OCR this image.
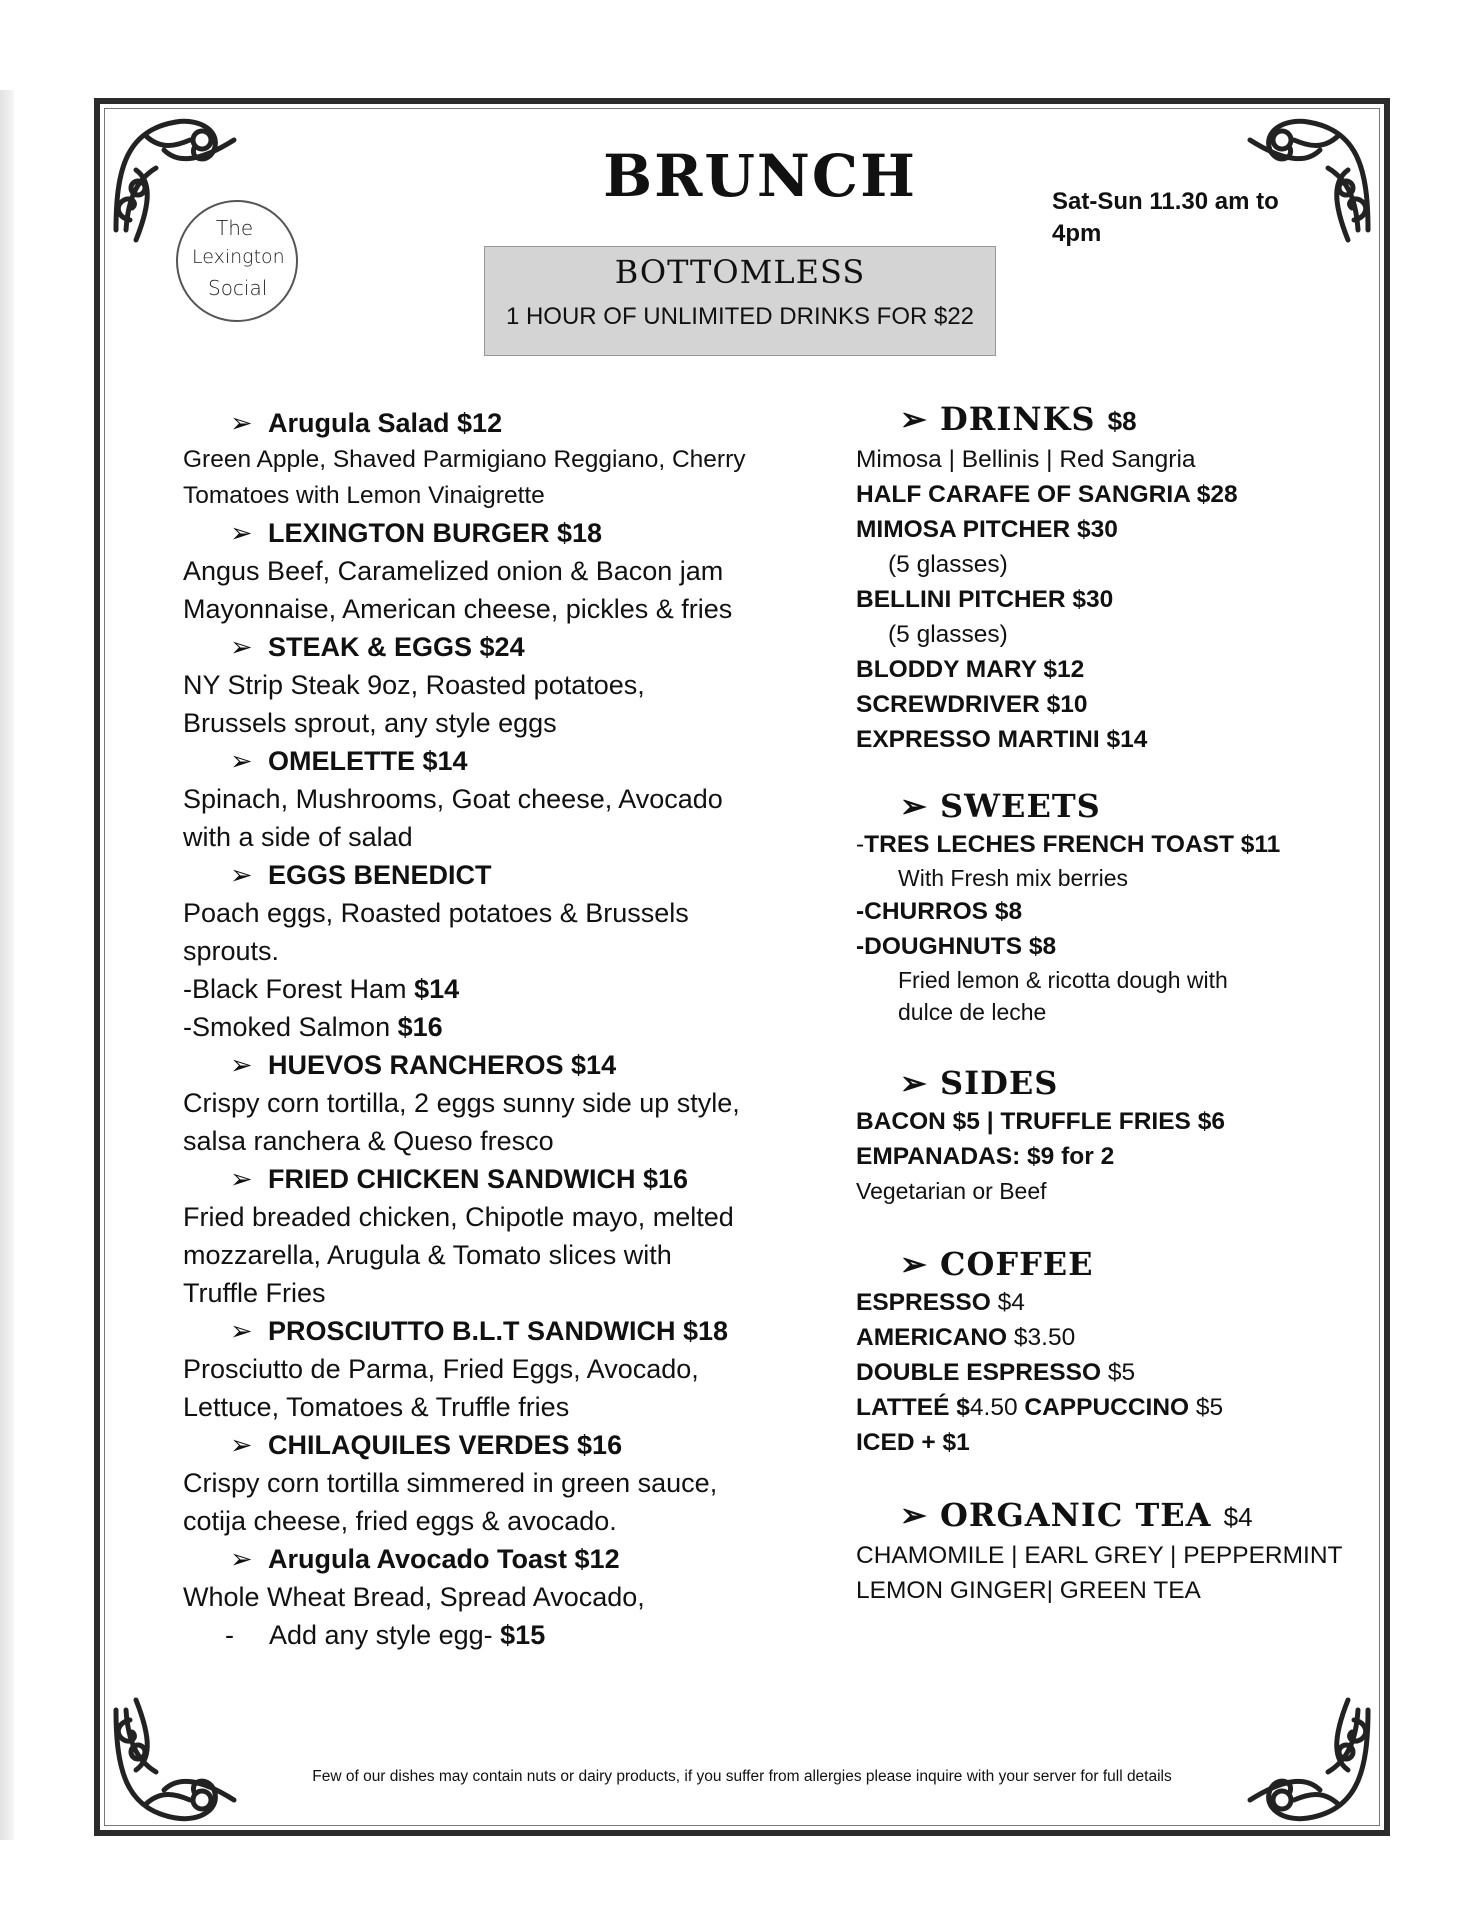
The
Lexington
Social
BRUNCH	Sat-Sun 11.30 am to 4pm
BOTTOMLESS
1 HOUR OF UNLIMITED DRINKS FOR $22
➢ Arugula Salad $12
Green Apple, Shaved Parmigiano Reggiano, Cherry Tomatoes with Lemon Vinaigrette
➢ LEXINGTON BURGER $18
Angus Beef, Caramelized onion & Bacon jam Mayonnaise, American cheese, pickles & fries
➢ STEAK & EGGS $24
NY Strip Steak 9oz, Roasted potatoes, Brussels sprout, any style eggs
➢ OMELETTE $14
Spinach, Mushrooms, Goat cheese, Avocado with a side of salad
➢ EGGS BENEDICT
Poach eggs, Roasted potatoes & Brussels sprouts.
-Black Forest Ham $14
-Smoked Salmon $16
➢ HUEVOS RANCHEROS $14
Crispy corn tortilla, 2 eggs sunny side up style, salsa ranchera & Queso fresco
➢ FRIED CHICKEN SANDWICH $16
Fried breaded chicken, Chipotle mayo, melted mozzarella, Arugula & Tomato slices with Truffle Fries
➢ PROSCIUTTO B.L.T SANDWICH $18
Prosciutto de Parma, Fried Eggs, Avocado, Lettuce, Tomatoes & Truffle fries
➢ CHILAQUILES VERDES $16
Crispy corn tortilla simmered in green sauce, cotija cheese, fried eggs & avocado.
➢ Arugula Avocado Toast $12
Whole Wheat Bread, Spread Avocado,
- Add any style egg- $15
➢ DRINKS $8
Mimosa | Bellinis | Red Sangria
HALF CARAFE OF SANGRIA $28
MIMOSA PITCHER $30
(5 glasses)
BELLINI PITCHER $30
(5 glasses)
BLODDY MARY $12
SCREWDRIVER $10
EXPRESSO MARTINI $14
➢ SWEETS
-TRES LECHES FRENCH TOAST $11
With Fresh mix berries
-CHURROS $8
-DOUGHNUTS $8
Fried lemon & ricotta dough with dulce de leche
➢ SIDES
BACON $5 | TRUFFLE FRIES $6
EMPANADAS: $9 for 2
Vegetarian or Beef
➢ COFFEE
ESPRESSO $4
AMERICANO $3.50
DOUBLE ESPRESSO $5
LATTEÉ $4.50 CAPPUCCINO $5
ICED + $1
➢ ORGANIC TEA $4
CHAMOMILE | EARL GREY | PEPPERMINT
LEMON GINGER| GREEN TEA
Few of our dishes may contain nuts or dairy products, if you suffer from allergies please inquire with your server for full details
